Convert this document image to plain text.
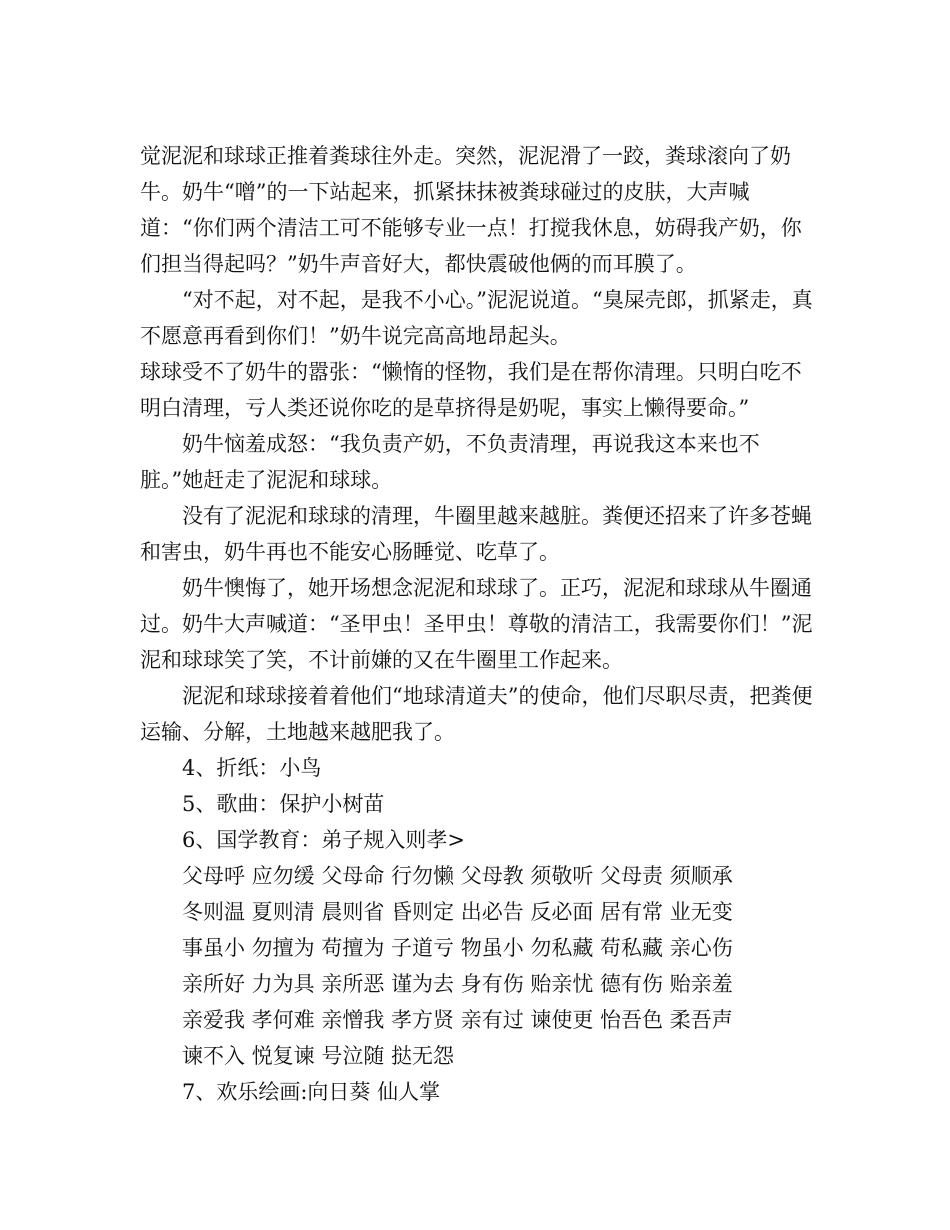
觉泥泥和球球正推着粪球往外走。突然，泥泥滑了一跤，粪球滚向了奶牛。奶牛“噌”的一下站起来，抓紧抹抹被粪球碰过的皮肤，大声喊道：“你们两个清洁工可不能够专业一点！打搅我休息，妨碍我产奶，你们担当得起吗？”奶牛声音好大，都快震破他俩的而耳膜了。

“对不起，对不起，是我不小心。”泥泥说道。“臭屎壳郎，抓紧走，真不愿意再看到你们！”奶牛说完高高地昂起头。

球球受不了奶牛的嚣张：“懒惰的怪物，我们是在帮你清理。只明白吃不明白清理，亏人类还说你吃的是草挤得是奶呢，事实上懒得要命。”

奶牛恼羞成怒：“我负责产奶，不负责清理，再说我这本来也不脏。”她赶走了泥泥和球球。

没有了泥泥和球球的清理，牛圈里越来越脏。粪便还招来了许多苍蝇和害虫，奶牛再也不能安心肠睡觉、吃草了。

奶牛懊悔了，她开场想念泥泥和球球了。正巧，泥泥和球球从牛圈通过。奶牛大声喊道：“圣甲虫！圣甲虫！尊敬的清洁工，我需要你们！”泥泥和球球笑了笑，不计前嫌的又在牛圈里工作起来。

泥泥和球球接着着他们“地球清道夫”的使命，他们尽职尽责，把粪便运输、分解，土地越来越肥我了。

4、折纸：小鸟

5、歌曲：保护小树苗

6、国学教育：弟子规入则孝>

父母呼 应勿缓 父母命 行勿懒 父母教 须敬听 父母责 须顺承
冬则温 夏则清 晨则省 昏则定 出必告 反必面 居有常 业无变
事虽小 勿擅为 苟擅为 子道亏 物虽小 勿私藏 苟私藏 亲心伤
亲所好 力为具 亲所恶 谨为去 身有伤 贻亲忧 德有伤 贻亲羞
亲爱我 孝何难 亲憎我 孝方贤 亲有过 谏使更 怡吾色 柔吾声
谏不入 悦复谏 号泣随 挞无怨

7、欢乐绘画:向日葵 仙人掌
